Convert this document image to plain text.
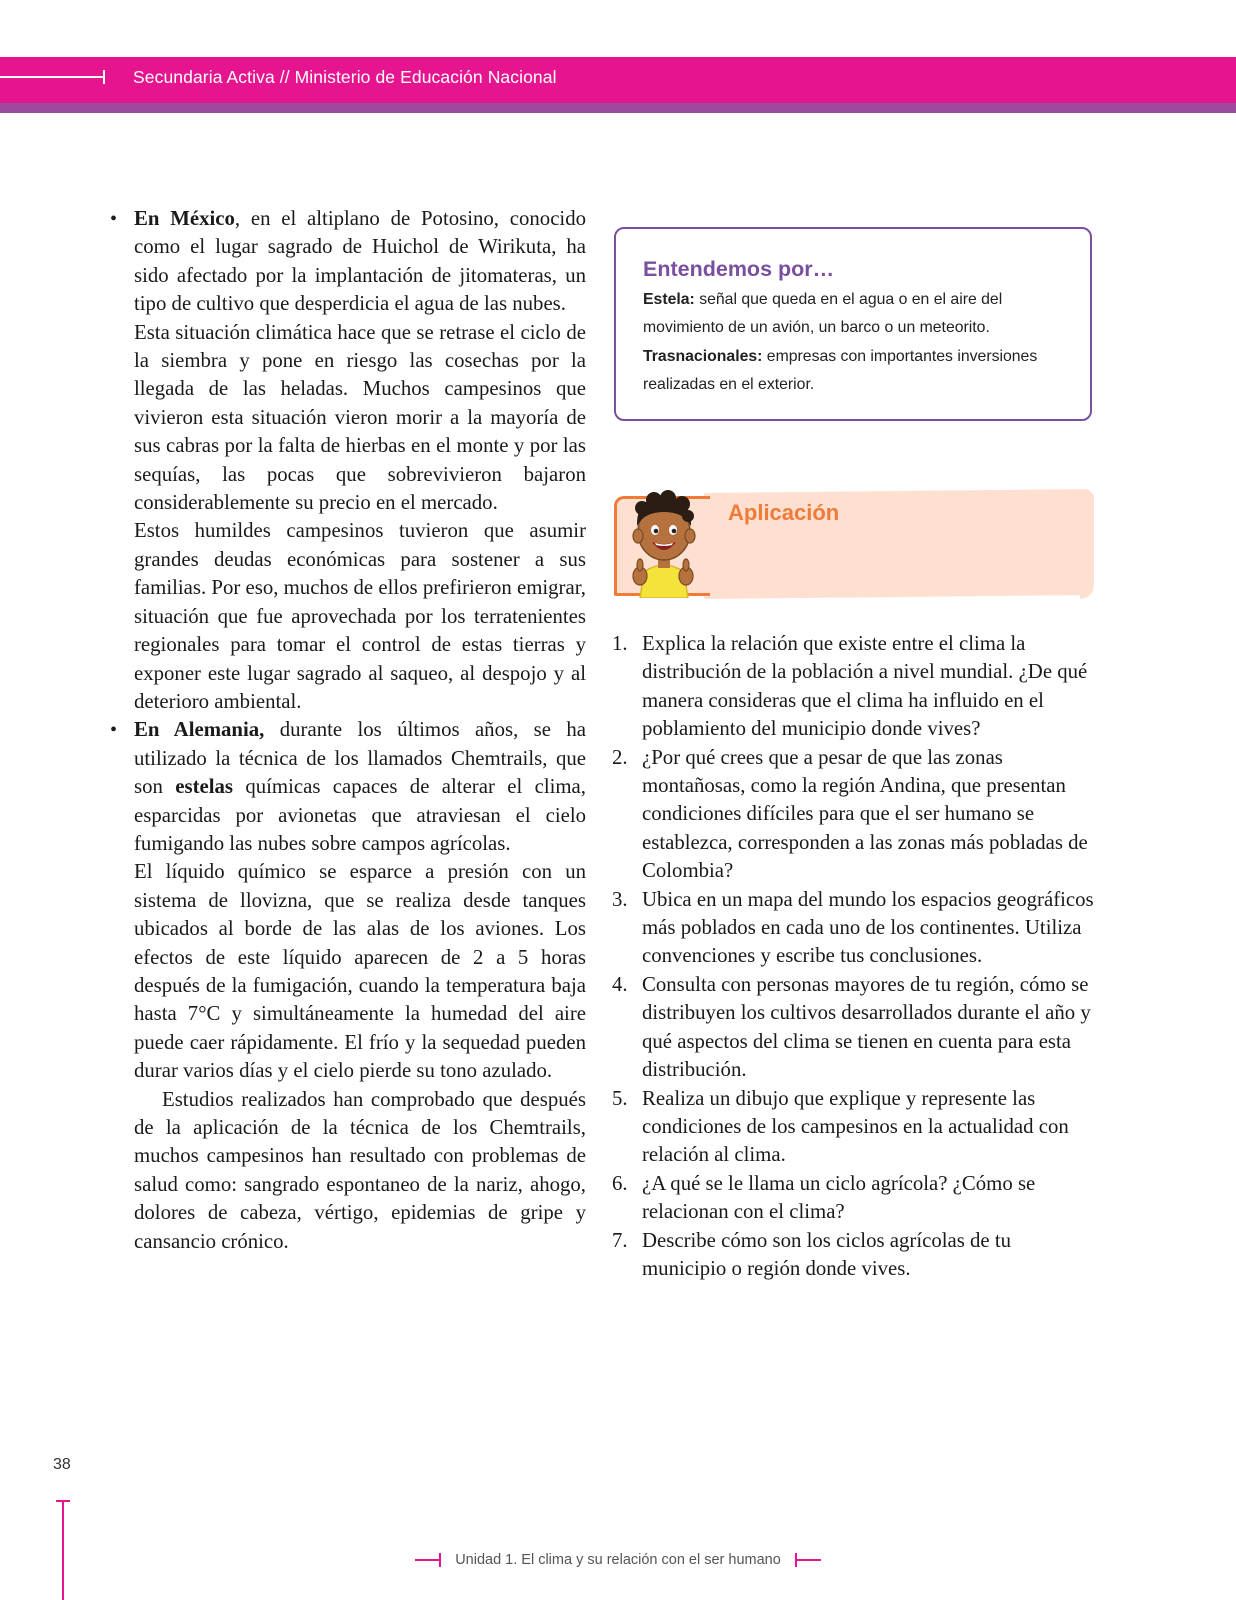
Secundaria Activa // Ministerio de Educación Nacional
• En México, en el altiplano de Potosino, conocido como el lugar sagrado de Huichol de Wirikuta, ha sido afectado por la implantación de jitomateras, un tipo de cultivo que desperdicia el agua de las nubes.

Esta situación climática hace que se retrase el ciclo de la siembra y pone en riesgo las cosechas por la llegada de las heladas. Muchos campesinos que vivieron esta situación vieron morir a la mayoría de sus cabras por la falta de hierbas en el monte y por las sequías, las pocas que sobrevivieron bajaron considerablemente su precio en el mercado.

Estos humildes campesinos tuvieron que asumir grandes deudas económicas para sostener a sus familias. Por eso, muchos de ellos prefirieron emigrar, situación que fue aprovechada por los terratenientes regionales para tomar el control de estas tierras y exponer este lugar sagrado al saqueo, al despojo y al deterioro ambiental.

• En Alemania, durante los últimos años, se ha utilizado la técnica de los llamados Chemtrails, que son estelas químicas capaces de alterar el clima, esparcidas por avionetas que atraviesan el cielo fumigando las nubes sobre campos agrícolas.

El líquido químico se esparce a presión con un sistema de llovizna, que se realiza desde tanques ubicados al borde de las alas de los aviones. Los efectos de este líquido aparecen de 2 a 5 horas después de la fumigación, cuando la temperatura baja hasta 7°C y simultáneamente la humedad del aire puede caer rápidamente. El frío y la sequedad pueden durar varios días y el cielo pierde su tono azulado.

Estudios realizados han comprobado que después de la aplicación de la técnica de los Chemtrails, muchos campesinos han resultado con problemas de salud como: sangrado espontaneo de la nariz, ahogo, dolores de cabeza, vértigo, epidemias de gripe y cansancio crónico.

Entendemos por…
Estela: señal que queda en el agua o en el aire del movimiento de un avión, un barco o un meteorito.
Trasnacionales: empresas con importantes inversiones realizadas en el exterior.
Aplicación
1. Explica la relación que existe entre el clima la distribución de la población a nivel mundial. ¿De qué manera consideras que el clima ha influido en el poblamiento del municipio donde vives?
2. ¿Por qué crees que a pesar de que las zonas montañosas, como la región Andina, que presentan condiciones difíciles para que el ser humano se establezca, corresponden a las zonas más pobladas de Colombia?
3. Ubica en un mapa del mundo los espacios geográficos más poblados en cada uno de los continentes. Utiliza convenciones y escribe tus conclusiones.
4. Consulta con personas mayores de tu región, cómo se distribuyen los cultivos desarrollados durante el año y qué aspectos del clima se tienen en cuenta para esta distribución.
5. Realiza un dibujo que explique y represente las condiciones de los campesinos en la actualidad con relación al clima.
6. ¿A qué se le llama un ciclo agrícola? ¿Cómo se relacionan con el clima?
7. Describe cómo son los ciclos agrícolas de tu municipio o región donde vives.
38
Unidad 1. El clima y su relación con el ser humano
